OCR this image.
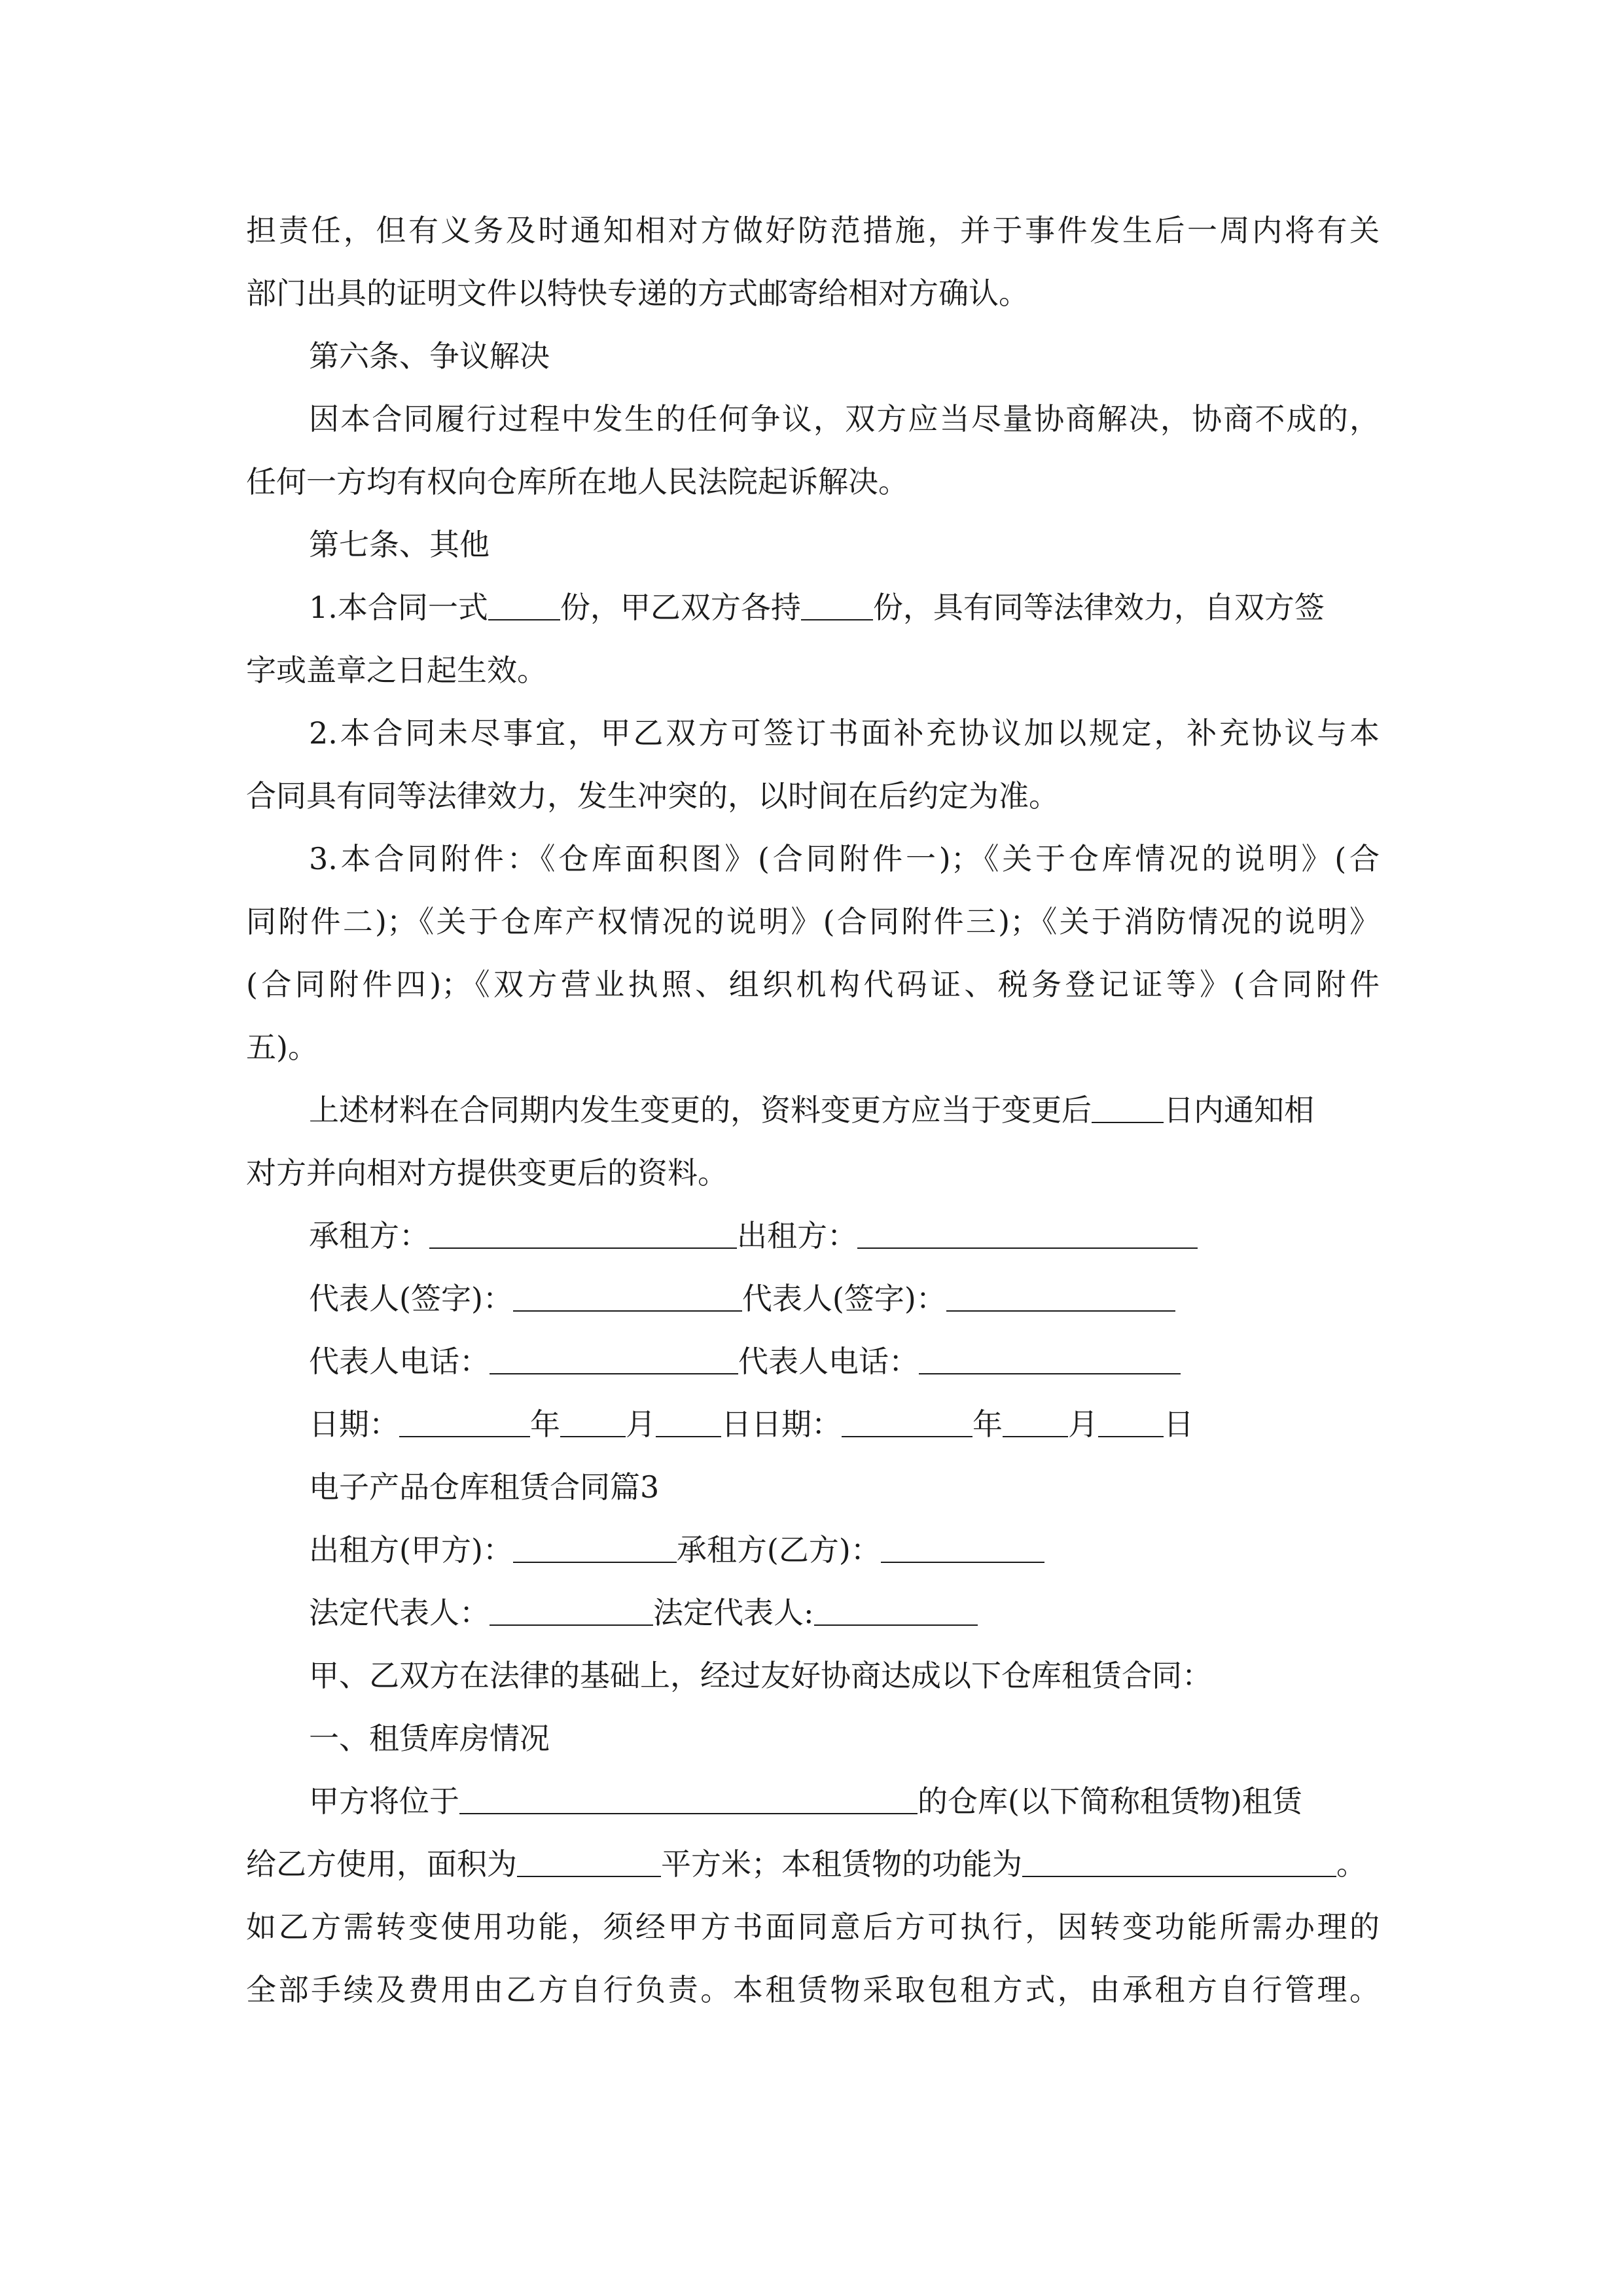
担责任，但有义务及时通知相对方做好防范措施，并于事件发生后一周内将有关
部门出具的证明文件以特快专递的方式邮寄给相对方确认。
第六条、争议解决
因本合同履行过程中发生的任何争议，双方应当尽量协商解决，协商不成的，
任何一方均有权向仓库所在地人民法院起诉解决。
第七条、其他
1.本合同一式 份，甲乙双方各持 份，具有同等法律效力，自双方签
字或盖章之日起生效。
2.本合同未尽事宜，甲乙双方可签订书面补充协议加以规定，补充协议与本
合同具有同等法律效力，发生冲突的，以时间在后约定为准。
3.本合同附件：《仓库面积图》(合同附件一)；《关于仓库情况的说明》(合
同附件二)；《关于仓库产权情况的说明》(合同附件三)；《关于消防情况的说明》
(合同附件四)；《双方营业执照、组织机构代码证、税务登记证等》(合同附件
五)。
上述材料在合同期内发生变更的，资料变更方应当于变更后 日内通知相
对方并向相对方提供变更后的资料。
承租方：	出租方：
代表人(签字)：	代表人(签字)：
代表人电话：	代表人电话：
日期：	年 月 日日期：	年 月 日
电子产品仓库租赁合同篇3
出租方(甲方)：	承租方(乙方)：
法定代表人：	法定代表人:
甲、乙双方在法律的基础上，经过友好协商达成以下仓库租赁合同：
一、租赁库房情况
甲方将位于	的仓库(以下简称租赁物)租赁
给乙方使用，面积为	平方米；本租赁物的功能为	。
如乙方需转变使用功能，须经甲方书面同意后方可执行，因转变功能所需办理的
全部手续及费用由乙方自行负责。本租赁物采取包租方式，由承租方自行管理。
